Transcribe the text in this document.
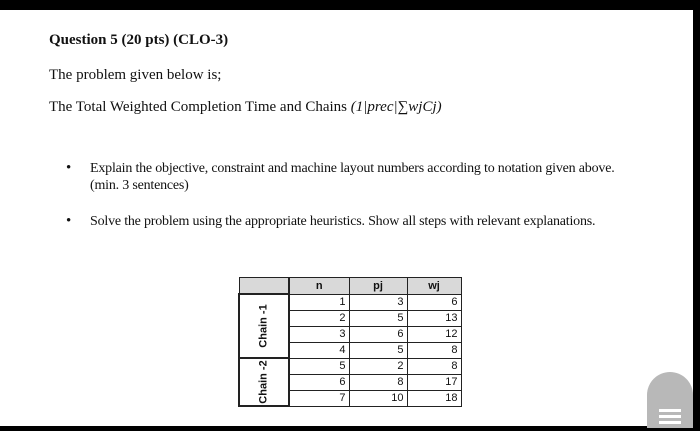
Question 5 (20 pts) (CLO-3)
The problem given below is;
The Total Weighted Completion Time and Chains (1|prec|∑wjCj)
• Explain the objective, constraint and machine layout numbers according to notation given above. (min. 3 sentences)
• Solve the problem using the appropriate heuristics. Show all steps with relevant explanations.
	n	pj	wj
Chain -1	1	3	6
	2	5	13
	3	6	12
	4	5	8
Chain -2	5	2	8
	6	8	17
	7	10	18
